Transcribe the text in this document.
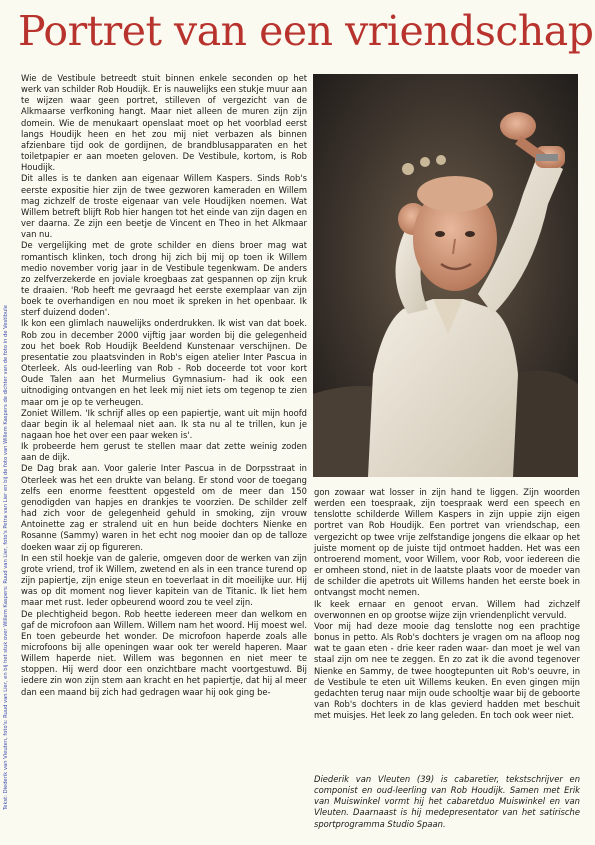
Portret van een vriendschap

Wie de Vestibule betreedt stuit binnen enkele seconden op het werk van schilder Rob Houdijk. Er is nauwelijks een stukje muur aan te wijzen waar geen portret, stilleven of vergezicht van de Alkmaarse verfkoning hangt. Maar niet alleen de muren zijn zijn domein. Wie de menukaart openslaat moet op het voorblad eerst langs Houdijk heen en het zou mij niet verbazen als binnen afzienbare tijd ook de gordijnen, de brandblusapparaten en het toiletpapier er aan moeten geloven. De Vestibule, kortom, is Rob Houdijk.

Dit alles is te danken aan eigenaar Willem Kaspers. Sinds Rob's eerste expositie hier zijn de twee gezworen kameraden en Willem mag zichzelf de troste eigenaar van vele Houdijken noemen. Wat Willem betreft blijft Rob hier hangen tot het einde van zijn dagen en ver daarna. Ze zijn een beetje de Vincent en Theo in het Alkmaar van nu.

De vergelijking met de grote schilder en diens broer mag wat romantisch klinken, toch drong hij zich bij mij op toen ik Willem medio november vorig jaar in de Vestibule tegenkwam. De anders zo zelfverzekerde en joviale kroegbaas zat gespannen op zijn kruk te draaien. 'Rob heeft me gevraagd het eerste exemplaar van zijn boek te overhandigen en nou moet ik spreken in het openbaar. Ik sterf duizend doden'.

Ik kon een glimlach nauwelijks onderdrukken. Ik wist van dat boek. Rob zou in december 2000 vijftig jaar worden bij die gelegenheid zou het boek Rob Houdijk Beeldend Kunstenaar verschijnen. De presentatie zou plaatsvinden in Rob's eigen atelier Inter Pascua in Oterleek. Als oud-leerling van Rob - Rob doceerde tot voor kort Oude Talen aan het Murmelius Gymnasium- had ik ook een uitnodiging ontvangen en het leek mij niet iets om tegenop te zien maar om je op te verheugen.

Zoniet Willem. 'Ik schrijf alles op een papiertje, want uit mijn hoofd daar begin ik al helemaal niet aan. Ik sta nu al te trillen, kun je nagaan hoe het over een paar weken is'.

Ik probeerde hem gerust te stellen maar dat zette weinig zoden aan de dijk.

De Dag brak aan. Voor galerie Inter Pascua in de Dorpsstraat in Oterleek was het een drukte van belang. Er stond voor de toegang zelfs een enorme feesttent opgesteld om de meer dan 150 genodigden van hapjes en drankjes te voorzien. De schilder zelf had zich voor de gelegenheid gehuld in smoking, zijn vrouw Antoinette zag er stralend uit en hun beide dochters Nienke en Rosanne (Sammy) waren in het echt nog mooier dan op de talloze doeken waar zij op figureren.

In een stil hoekje van de galerie, omgeven door de werken van zijn grote vriend, trof ik Willem, zwetend en als in een trance turend op zijn papiertje, zijn enige steun en toeverlaat in dit moeilijke uur. Hij was op dit moment nog liever kapitein van de Titanic. Ik liet hem maar met rust. Ieder opbeurend woord zou te veel zijn.

De plechtigheid begon. Rob heette iedereen meer dan welkom en gaf de microfoon aan Willem. Willem nam het woord. Hij moest wel. En toen gebeurde het wonder. De microfoon haperde zoals alle microfoons bij alle openingen waar ook ter wereld haperen. Maar Willem haperde niet. Willem was begonnen en niet meer te stoppen. Hij werd door een onzichtbare macht voortgestuwd. Bij iedere zin won zijn stem aan kracht en het papiertje, dat hij al meer dan een maand bij zich had gedragen waar hij ook ging be-

gon zowaar wat losser in zijn hand te liggen. Zijn woorden werden een toespraak, zijn toespraak werd een speech en tenslotte schilderde Willem Kaspers in zijn uppie zijn eigen portret van Rob Houdijk. Een portret van vriendschap, een vergezicht op twee vrije zelfstandige jongens die elkaar op het juiste moment op de juiste tijd ontmoet hadden. Het was een ontroerend moment, voor Willem, voor Rob, voor iedereen die er omheen stond, niet in de laatste plaats voor de moeder van de schilder die apetrots uit Willems handen het eerste boek in ontvangst mocht nemen.

Ik keek ernaar en genoot ervan. Willem had zichzelf overwonnen en op grootse wijze zijn vriendenplicht vervuld.

Voor mij had deze mooie dag tenslotte nog een prachtige bonus in petto. Als Rob's dochters je vragen om na afloop nog wat te gaan eten - drie keer raden waar- dan moet je wel van staal zijn om nee te zeggen. En zo zat ik die avond tegenover Nienke en Sammy, de twee hoogtepunten uit Rob's oeuvre, in de Vestibule te eten uit Willems keuken. En even gingen mijn gedachten terug naar mijn oude schooltje waar bij de geboorte van Rob's dochters in de klas gevierd hadden met beschuit met muisjes. Het leek zo lang geleden. En toch ook weer niet.

Diederik van Vleuten (39) is cabaretier, tekstschrijver en componist en oud-leerling van Rob Houdijk. Samen met Erik van Muiswinkel vormt hij het cabaretduo Muiswinkel en van Vleuten. Daarnaast is hij medepresentator van het satirische sportprogramma Studio Spaan.
Tekst: Diederik van Vleuten, foto's: Ruud van Lier, en bij het stuk over Willem Kaspers: Ruud van Lier, foto's Petra van Lier en bij de foto van Willem Kaspers de dichter van de foto in de Vestibule
